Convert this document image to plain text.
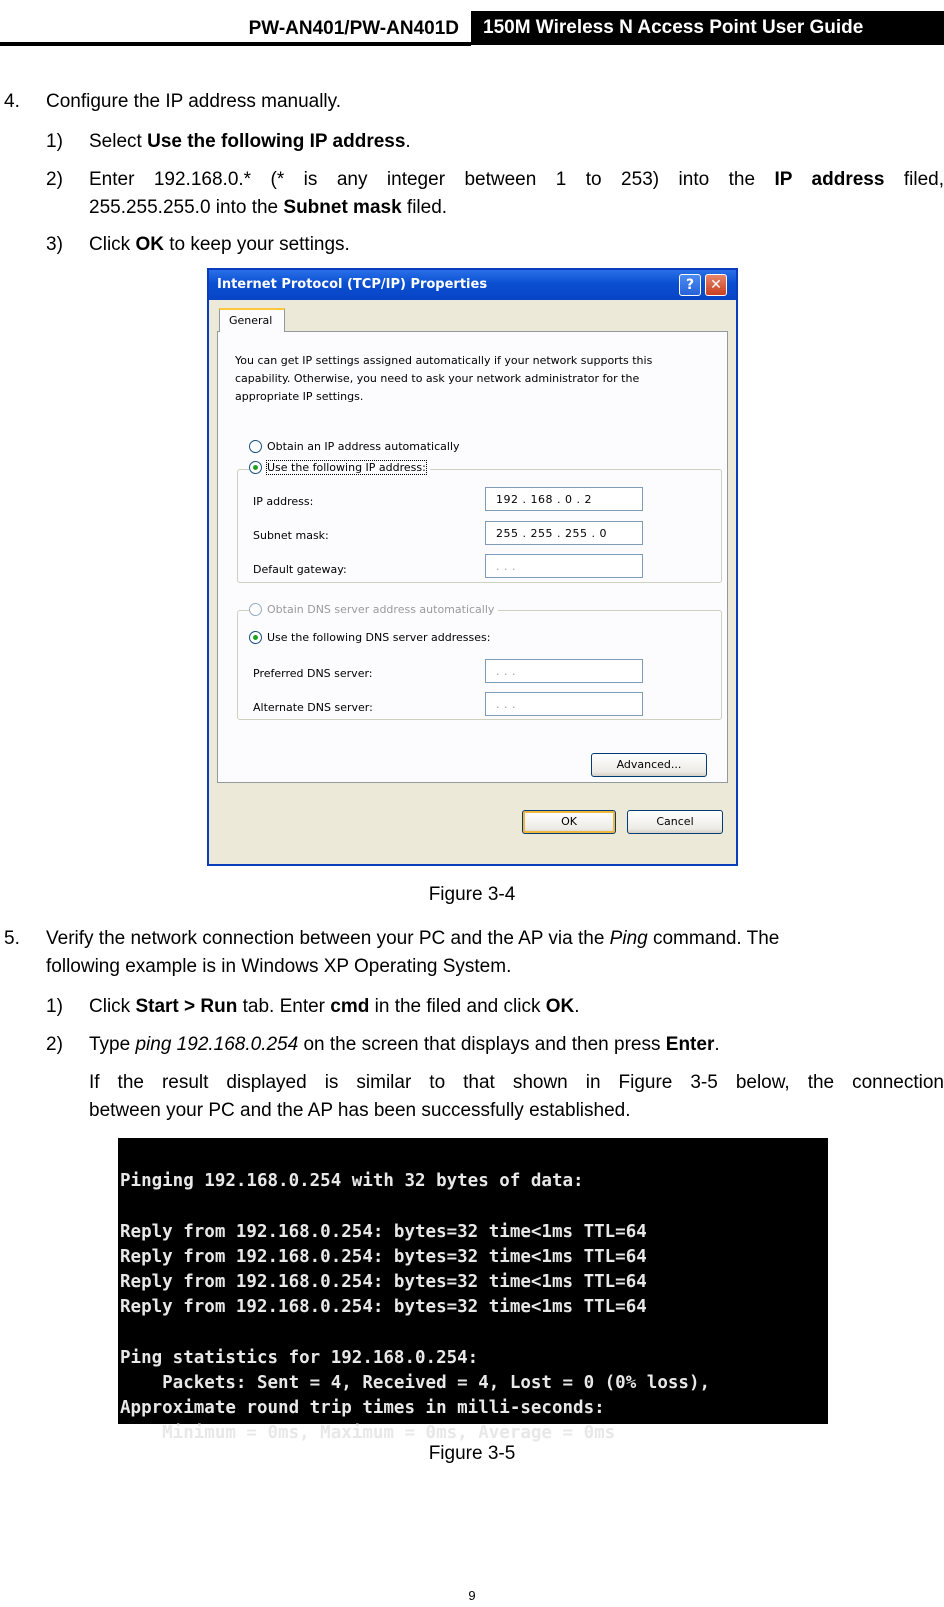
PW-AN401/PW-AN401D	150M Wireless N Access Point User Guide
4. Configure the IP address manually.
1) Select Use the following IP address.
2) Enter 192.168.0.* (* is any integer between 1 to 253) into the IP address filed,
255.255.255.0 into the Subnet mask filed.
3) Click OK to keep your settings.
Internet Protocol (TCP/IP) Properties	?	✕
General
You can get IP settings assigned automatically if your network supports this capability. Otherwise, you need to ask your network administrator for the appropriate IP settings.
Obtain an IP address automatically
Use the following IP address:
IP address:	192 . 168 . 0 . 2
Subnet mask:	255 . 255 . 255 . 0
Default gateway:	. . .
Obtain DNS server address automatically
Use the following DNS server addresses:
Preferred DNS server:	. . .
Alternate DNS server:	. . .
Advanced...
OK	Cancel
Figure 3-4
5. Verify the network connection between your PC and the AP via the Ping command. The
following example is in Windows XP Operating System.
1) Click Start > Run tab. Enter cmd in the filed and click OK.
2) Type ping 192.168.0.254 on the screen that displays and then press Enter.
If the result displayed is similar to that shown in Figure 3-5 below, the connection
between your PC and the AP has been successfully established.

Pinging 192.168.0.254 with 32 bytes of data:
Reply from 192.168.0.254: bytes=32 time<1ms TTL=64
Reply from 192.168.0.254: bytes=32 time<1ms TTL=64
Reply from 192.168.0.254: bytes=32 time<1ms TTL=64
Reply from 192.168.0.254: bytes=32 time<1ms TTL=64
Ping statistics for 192.168.0.254:
Packets: Sent = 4, Received = 4, Lost = 0 (0% loss),
Approximate round trip times in milli-seconds:
Minimum = 0ms, Maximum = 0ms, Average = 0ms

Figure 3-5
9
